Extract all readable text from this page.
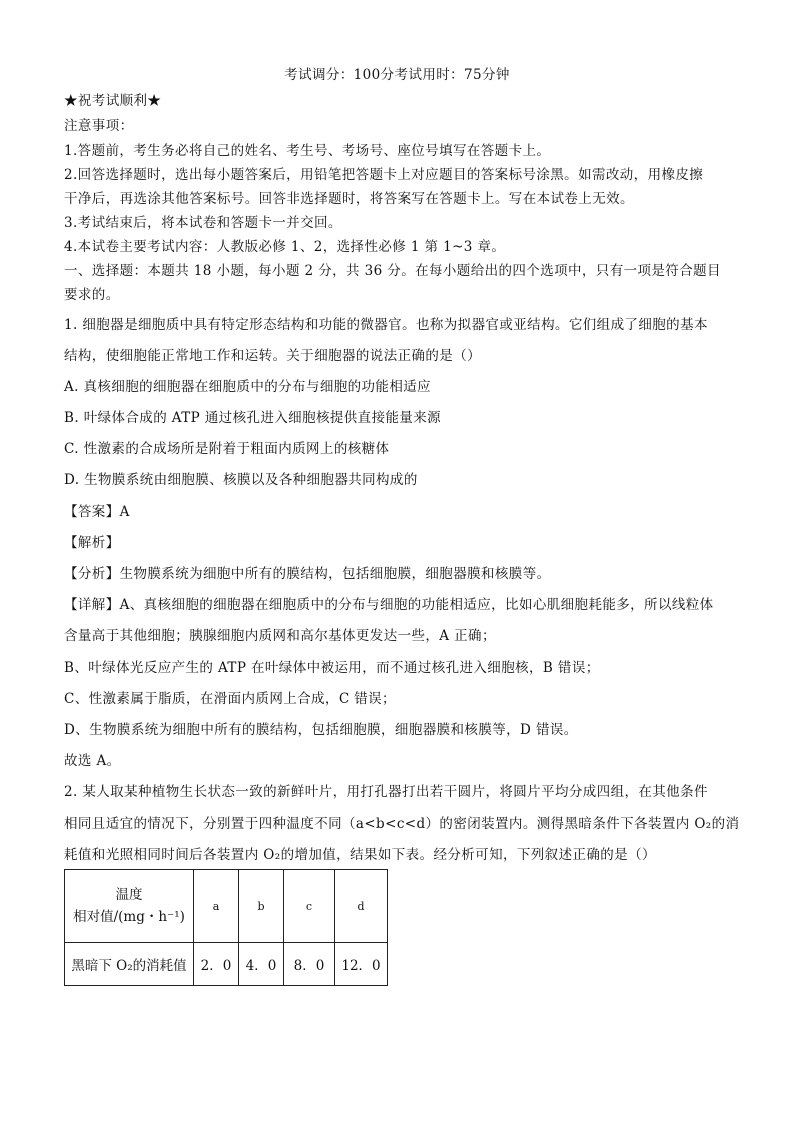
考试调分：100分考试用时：75分钟
★祝考试顺利★
注意事项：
1.答题前，考生务必将自己的姓名、考生号、考场号、座位号填写在答题卡上。
2.回答选择题时，选出每小题答案后，用铅笔把答题卡上对应题目的答案标号涂黑。如需改动，用橡皮擦
干净后，再选涂其他答案标号。回答非选择题时，将答案写在答题卡上。写在本试卷上无效。
3.考试结束后，将本试卷和答题卡一并交回。
4.本试卷主要考试内容：人教版必修 1、2，选择性必修 1 第 1~3 章。
一、选择题：本题共 18 小题，每小题 2 分，共 36 分。在每小题给出的四个选项中，只有一项是符合题目
要求的。
1. 细胞器是细胞质中具有特定形态结构和功能的微器官。也称为拟器官或亚结构。它们组成了细胞的基本
结构，使细胞能正常地工作和运转。关于细胞器的说法正确的是（）
A. 真核细胞的细胞器在细胞质中的分布与细胞的功能相适应
B. 叶绿体合成的 ATP 通过核孔进入细胞核提供直接能量来源
C. 性激素的合成场所是附着于粗面内质网上的核糖体
D. 生物膜系统由细胞膜、核膜以及各种细胞器共同构成的
【答案】A
【解析】
【分析】生物膜系统为细胞中所有的膜结构，包括细胞膜，细胞器膜和核膜等。
【详解】A、真核细胞的细胞器在细胞质中的分布与细胞的功能相适应，比如心肌细胞耗能多，所以线粒体
含量高于其他细胞；胰腺细胞内质网和高尔基体更发达一些，A 正确；
B、叶绿体光反应产生的 ATP 在叶绿体中被运用，而不通过核孔进入细胞核，B 错误；
C、性激素属于脂质，在滑面内质网上合成，C 错误；
D、生物膜系统为细胞中所有的膜结构，包括细胞膜，细胞器膜和核膜等，D 错误。
故选 A。
2. 某人取某种植物生长状态一致的新鲜叶片，用打孔器打出若干圆片，将圆片平均分成四组，在其他条件
相同且适宜的情况下，分别置于四种温度不同（a<b<c<d）的密闭装置内。测得黑暗条件下各装置内 O₂的消
耗值和光照相同时间后各装置内 O₂的增加值，结果如下表。经分析可知，下列叙述正确的是（）
温度
相对值/(mg・h⁻¹)	a	b	c	d
黑暗下 O₂的消耗值	2．0	4．0	8．0	12．0
